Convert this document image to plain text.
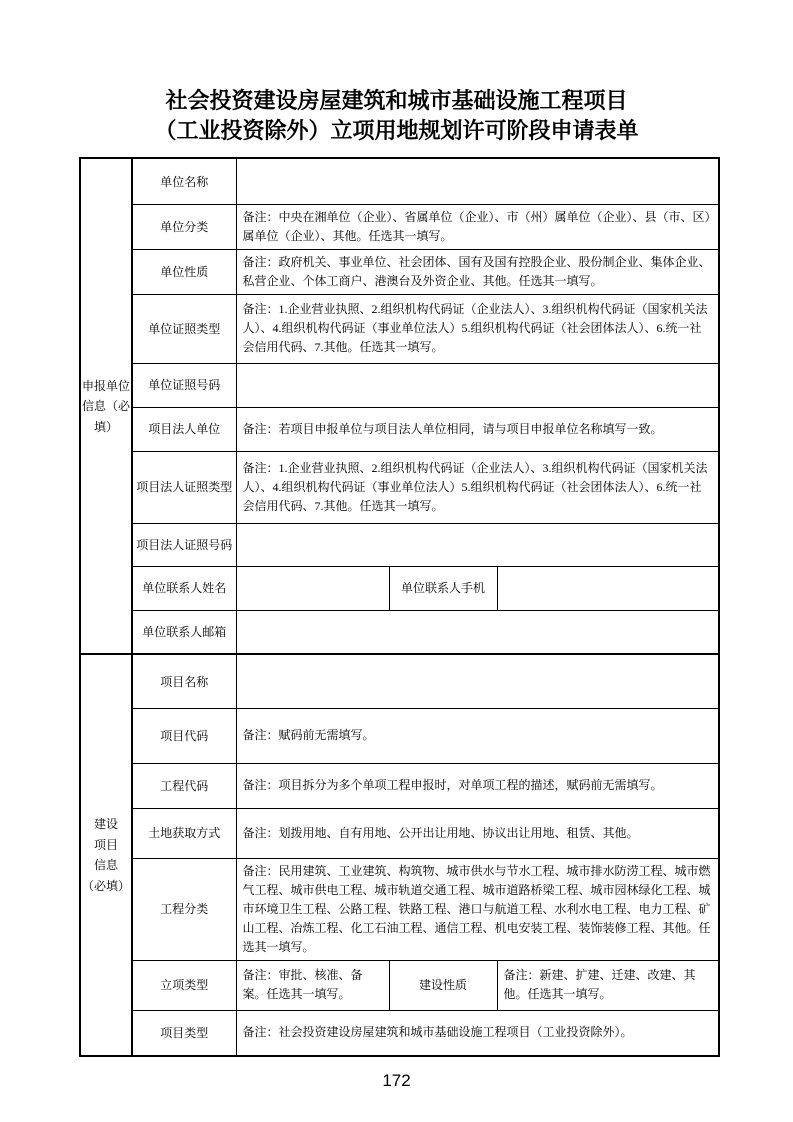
社会投资建设房屋建筑和城市基础设施工程项目
（工业投资除外）立项用地规划许可阶段申请表单
申报单位
信息（必
填）	单位名称			
	单位分类	备注：中央在湘单位（企业）、省属单位（企业）、市（州）属单位（企业）、县（市、区）属单位（企业）、其他。任选其一填写。		
	单位性质	备注：政府机关、事业单位、社会团体、国有及国有控股企业、股份制企业、集体企业、私营企业、个体工商户、港澳台及外资企业、其他。任选其一填写。		
	单位证照类型	备注：1.企业营业执照、2.组织机构代码证（企业法人）、3.组织机构代码证（国家机关法人）、4.组织机构代码证（事业单位法人）5.组织机构代码证（社会团体法人）、6.统一社会信用代码、7.其他。任选其一填写。		
	单位证照号码			
	项目法人单位	备注：若项目申报单位与项目法人单位相同，请与项目申报单位名称填写一致。		
	项目法人证照类型	备注：1.企业营业执照、2.组织机构代码证（企业法人）、3.组织机构代码证（国家机关法人）、4.组织机构代码证（事业单位法人）5.组织机构代码证（社会团体法人）、6.统一社会信用代码、7.其他。任选其一填写。		
	项目法人证照号码			
	单位联系人姓名		单位联系人手机	
	单位联系人邮箱			

建设
项目
信息
（必填）	项目名称			
	项目代码	备注：赋码前无需填写。		
	工程代码	备注：项目拆分为多个单项工程申报时，对单项工程的描述，赋码前无需填写。		
	土地获取方式	备注：划拨用地、自有用地、公开出让用地、协议出让用地、租赁、其他。		
	工程分类	备注：民用建筑、工业建筑、构筑物、城市供水与节水工程、城市排水防涝工程、城市燃气工程、城市供电工程、城市轨道交通工程、城市道路桥梁工程、城市园林绿化工程、城市环境卫生工程、公路工程、铁路工程、港口与航道工程、水利水电工程、电力工程、矿山工程、冶炼工程、化工石油工程、通信工程、机电安装工程、装饰装修工程、其他。任选其一填写。		
	立项类型	备注：审批、核准、备案。任选其一填写。	建设性质	备注：新建、扩建、迁建、改建、其他。任选其一填写。
	项目类型	备注：社会投资建设房屋建筑和城市基础设施工程项目（工业投资除外）。		
172
